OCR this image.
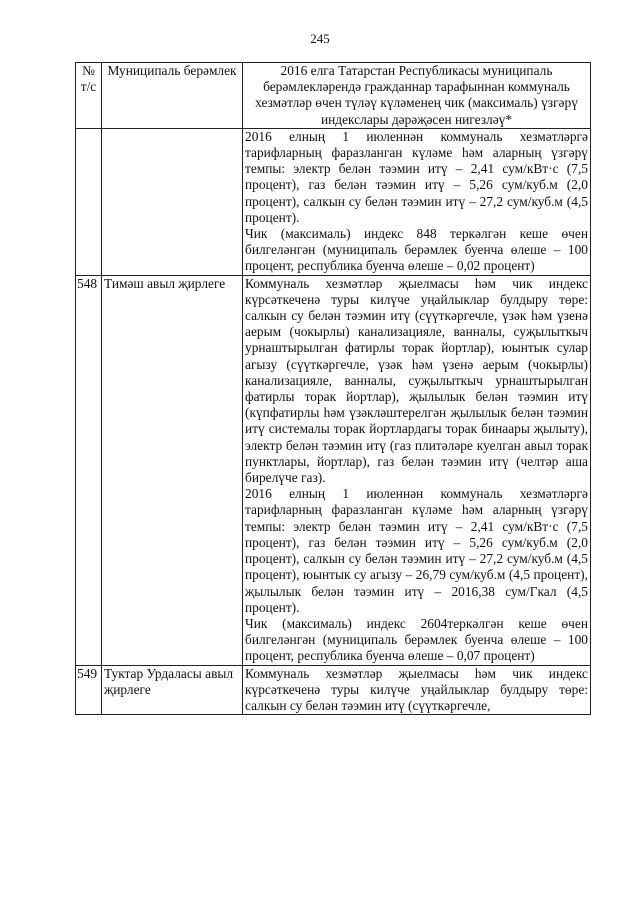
245
№ т/с	Муниципаль берәмлек	2016 елга Татарстан Республикасы муниципаль берәмлекләрендә гражданнар тарафыннан коммуналь хезмәтләр өчен түләү күләменең чик (максималь) үзгәрү индекслары дәрәҗәсен нигезләү*

		2016 елның 1 июленнән коммуналь хезмәтләргә тарифларның фаразланган күләме һәм аларның үзгәрү темпы: электр белән тәэмин итү – 2,41 сум/кВт·с (7,5 процент), газ белән тәэмин итү – 5,26 сум/куб.м (2,0 процент), салкын су белән тәэмин итү – 27,2 сум/куб.м (4,5 процент).

Чик (максималь) индекс 848 теркәлгән кеше өчен билгеләнгән (муниципаль берәмлек буенча өлеше – 100 процент, республика буенча өлеше – 0,02 процент)

548	Тимәш авыл җирлеге	Коммуналь хезмәтләр җыелмасы һәм чик индекс күрсәткеченә туры килүче уңайлыклар булдыру төре: салкын су белән тәэмин итү (сүүткәргечле, үзәк һәм үзенә аерым (чокырлы) канализацияле, ванналы, суҗылыткыч урнаштырылган фатирлы торак йортлар), юынтык сулар агызу (сүүткәргечле, үзәк һәм үзенә аерым (чокырлы) канализацияле, ванналы, суҗылыткыч урнаштырылган фатирлы торак йортлар), җылылык белән тәэмин итү (күпфатирлы һәм үзәкләштерелгән җылылык белән тәэмин итү системалы торак йортлардагы торак бинаары җылыту), электр белән тәэмин итү (газ плитәләре куелган авыл торак пунктлары, йортлар), газ белән тәэмин итү (челтәр аша бирелүче газ).

2016 елның 1 июленнән коммуналь хезмәтләргә тарифларның фаразланган күләме һәм аларның үзгәрү темпы: электр белән тәэмин итү – 2,41 сум/кВт·с (7,5 процент), газ белән тәэмин итү – 5,26 сум/куб.м (2,0 процент), салкын су белән тәэмин итү – 27,2 сум/куб.м (4,5 процент), юынтык су агызу – 26,79 сум/куб.м (4,5 процент), җылылык белән тәэмин итү – 2016,38 сум/Гкал (4,5 процент).

Чик (максималь) индекс 2604теркәлгән кеше өчен билгеләнгән (муниципаль берәмлек буенча өлеше – 100 процент, республика буенча өлеше – 0,07 процент)

549	Туктар Урдаласы авыл җирлеге	Коммуналь хезмәтләр җыелмасы һәм чик индекс күрсәткеченә туры килүче уңайлыклар булдыру төре: салкын су белән тәэмин итү (сүүткәргечле,
